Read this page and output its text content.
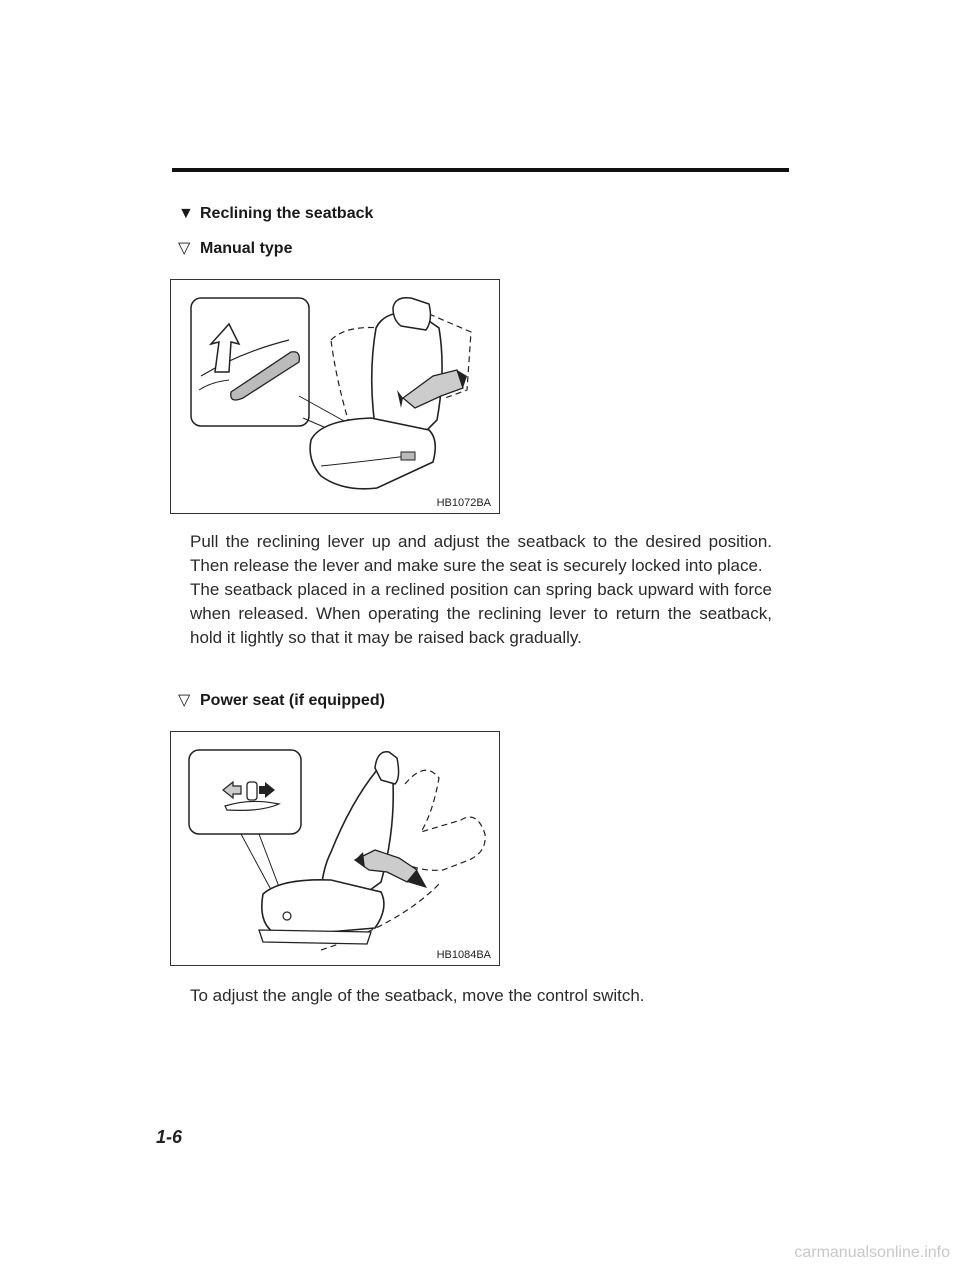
▼ Reclining the seatback
▽ Manual type
HB1072BA

Pull the reclining lever up and adjust the seatback to the desired position. Then release the lever and make sure the seat is securely locked into place.

The seatback placed in a reclined position can spring back upward with force when released. When operating the reclining lever to return the seatback, hold it lightly so that it may be raised back gradually.

▽ Power seat (if equipped)
HB1084BA

To adjust the angle of the seatback, move the control switch.

1-6
carmanualsonline.info
